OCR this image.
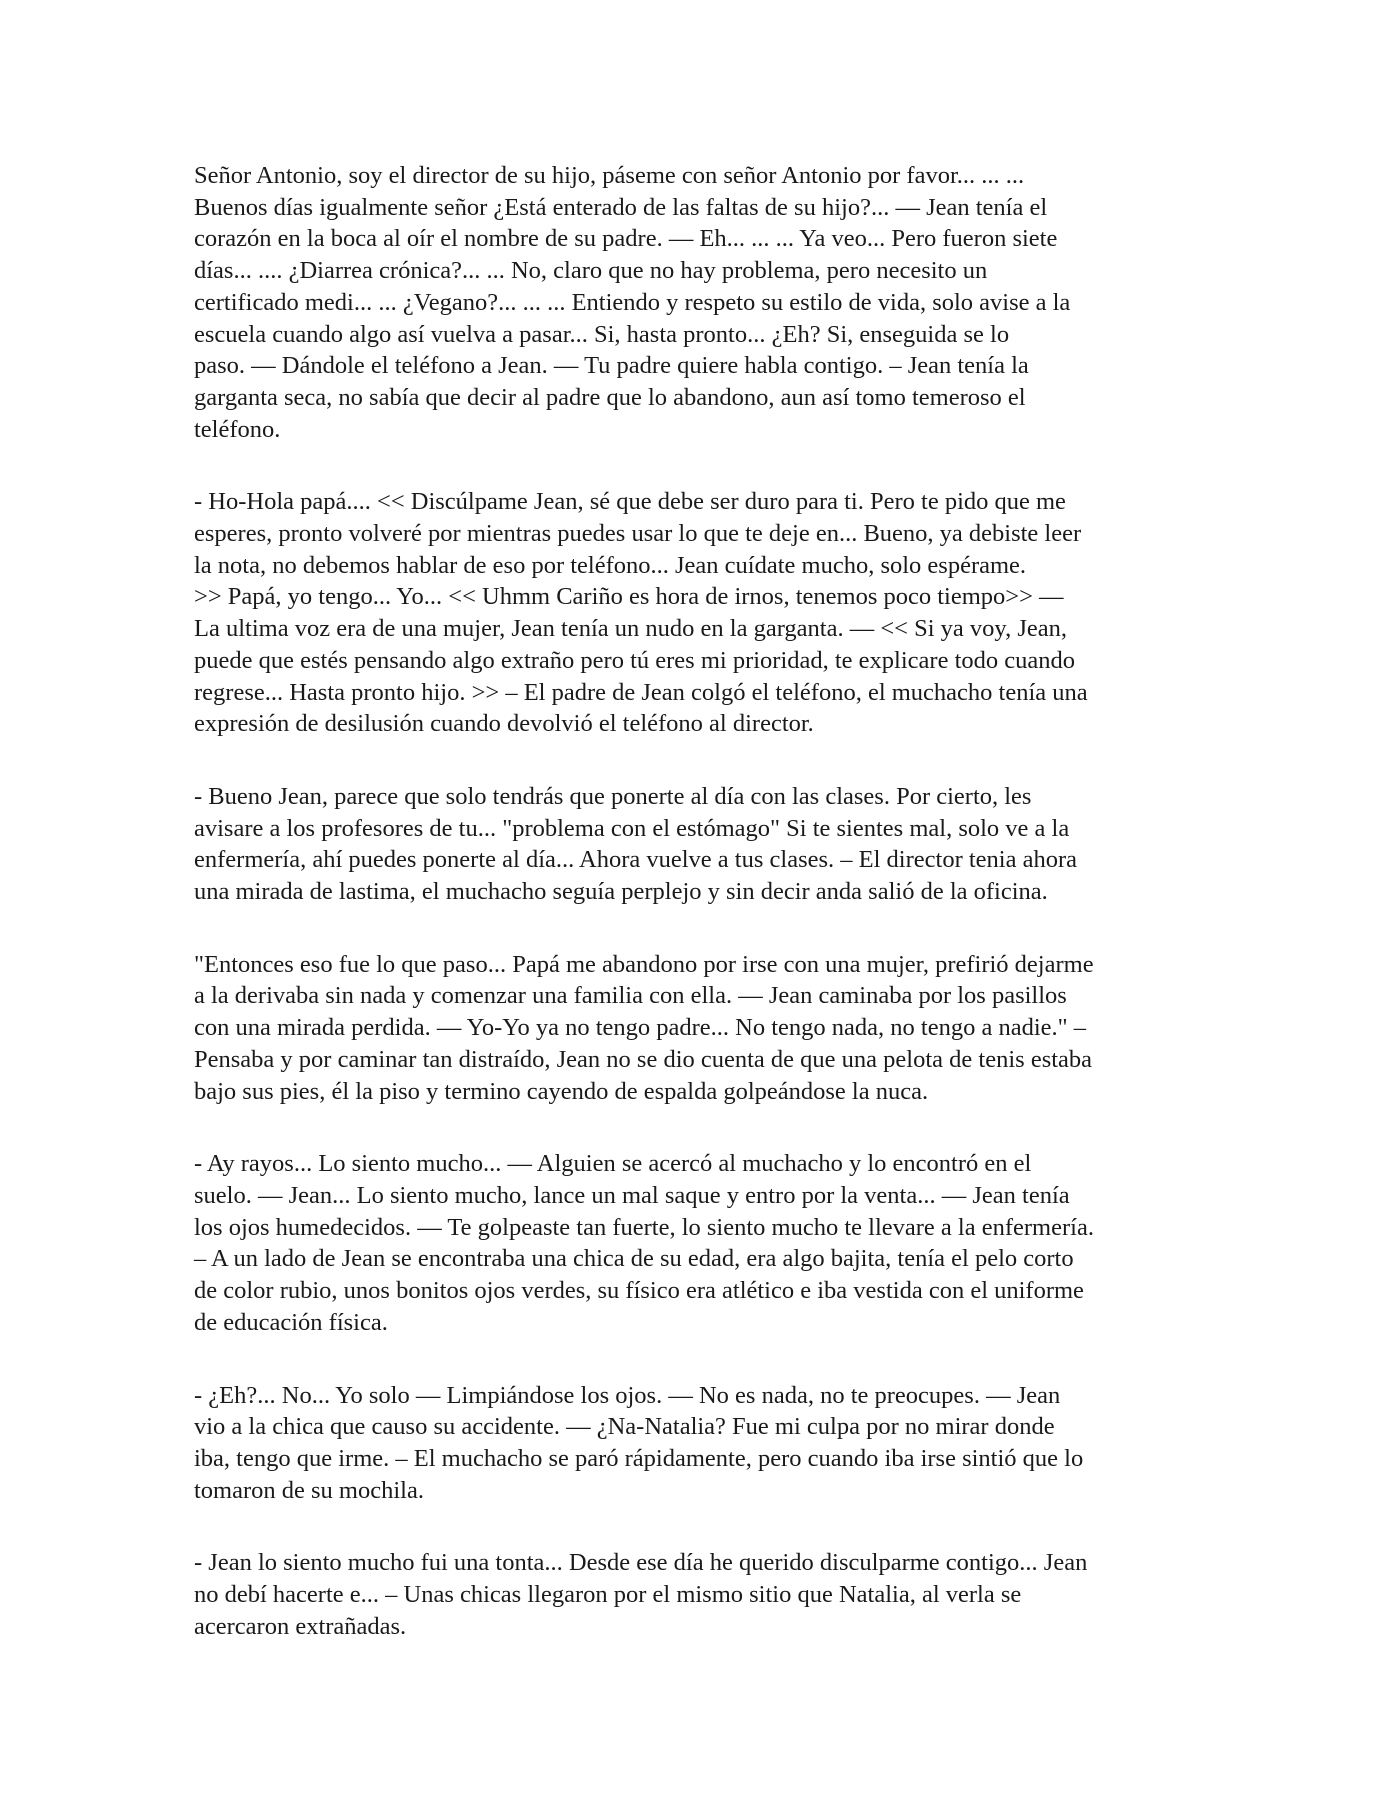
Señor Antonio, soy el director de su hijo, páseme con señor Antonio por favor... ... ...
Buenos días igualmente señor ¿Está enterado de las faltas de su hijo?... — Jean tenía el
corazón en la boca al oír el nombre de su padre. — Eh... ... ... Ya veo... Pero fueron siete
días... .... ¿Diarrea crónica?... ... No, claro que no hay problema, pero necesito un
certificado medi... ... ¿Vegano?... ... ... Entiendo y respeto su estilo de vida, solo avise a la
escuela cuando algo así vuelva a pasar... Si, hasta pronto... ¿Eh? Si, enseguida se lo
paso. — Dándole el teléfono a Jean. — Tu padre quiere habla contigo. – Jean tenía la
garganta seca, no sabía que decir al padre que lo abandono, aun así tomo temeroso el
teléfono.

- Ho-Hola papá.... << Discúlpame Jean, sé que debe ser duro para ti. Pero te pido que me
esperes, pronto volveré por mientras puedes usar lo que te deje en... Bueno, ya debiste leer
la nota, no debemos hablar de eso por teléfono... Jean cuídate mucho, solo espérame.
>> Papá, yo tengo... Yo... << Uhmm Cariño es hora de irnos, tenemos poco tiempo>> —
La ultima voz era de una mujer, Jean tenía un nudo en la garganta. — << Si ya voy, Jean,
puede que estés pensando algo extraño pero tú eres mi prioridad, te explicare todo cuando
regrese... Hasta pronto hijo. >> – El padre de Jean colgó el teléfono, el muchacho tenía una
expresión de desilusión cuando devolvió el teléfono al director.

- Bueno Jean, parece que solo tendrás que ponerte al día con las clases. Por cierto, les
avisare a los profesores de tu... "problema con el estómago" Si te sientes mal, solo ve a la
enfermería, ahí puedes ponerte al día... Ahora vuelve a tus clases. – El director tenia ahora
una mirada de lastima, el muchacho seguía perplejo y sin decir anda salió de la oficina.

"Entonces eso fue lo que paso... Papá me abandono por irse con una mujer, prefirió dejarme
a la derivaba sin nada y comenzar una familia con ella. — Jean caminaba por los pasillos
con una mirada perdida. — Yo-Yo ya no tengo padre... No tengo nada, no tengo a nadie." –
Pensaba y por caminar tan distraído, Jean no se dio cuenta de que una pelota de tenis estaba
bajo sus pies, él la piso y termino cayendo de espalda golpeándose la nuca.

- Ay rayos... Lo siento mucho... — Alguien se acercó al muchacho y lo encontró en el
suelo. — Jean... Lo siento mucho, lance un mal saque y entro por la venta... — Jean tenía
los ojos humedecidos. — Te golpeaste tan fuerte, lo siento mucho te llevare a la enfermería.
– A un lado de Jean se encontraba una chica de su edad, era algo bajita, tenía el pelo corto
de color rubio, unos bonitos ojos verdes, su físico era atlético e iba vestida con el uniforme
de educación física.

- ¿Eh?... No... Yo solo — Limpiándose los ojos. — No es nada, no te preocupes. — Jean
vio a la chica que causo su accidente. — ¿Na-Natalia? Fue mi culpa por no mirar donde
iba, tengo que irme. – El muchacho se paró rápidamente, pero cuando iba irse sintió que lo
tomaron de su mochila.

- Jean lo siento mucho fui una tonta... Desde ese día he querido disculparme contigo... Jean
no debí hacerte e... – Unas chicas llegaron por el mismo sitio que Natalia, al verla se
acercaron extrañadas.
